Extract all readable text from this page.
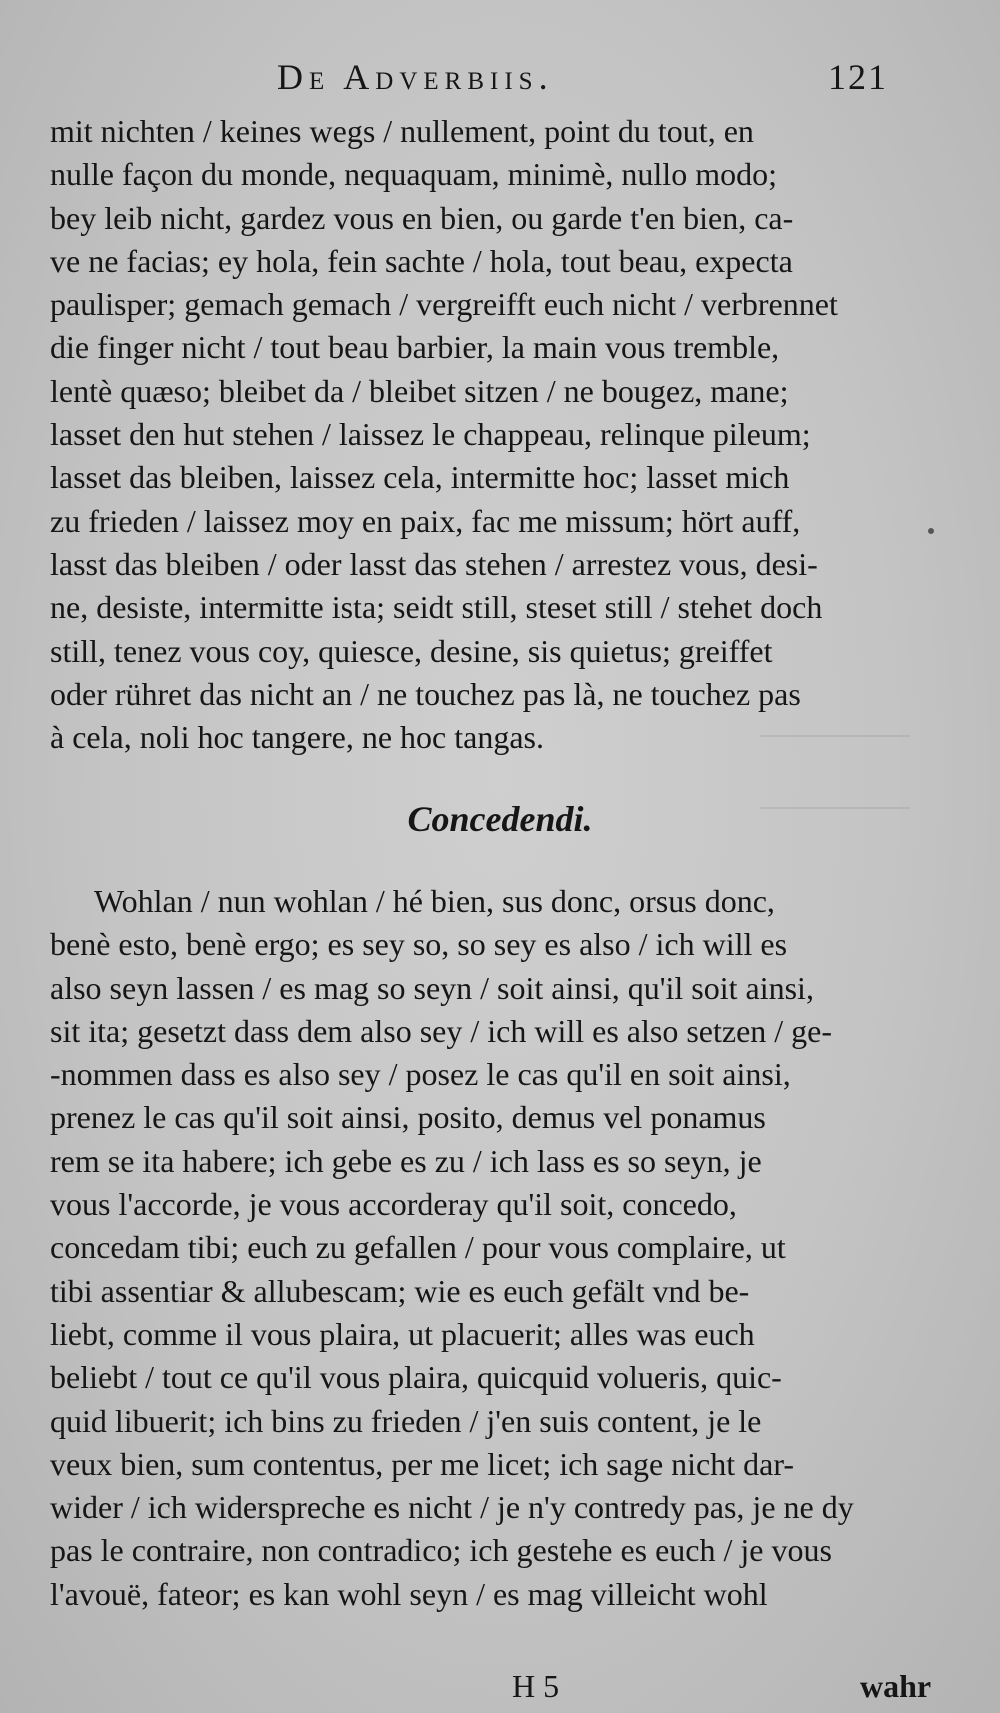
De Adverbiis.	121
mit nichten / keines wegs / nullement, point du tout, en
nulle façon du monde, nequaquam, minimè, nullo modo;
bey leib nicht, gardez vous en bien, ou garde t'en bien, ca-
ve ne facias; ey hola, fein sachte / hola, tout beau, expecta
paulisper; gemach gemach / vergreifft euch nicht / verbrennet
die finger nicht / tout beau barbier, la main vous tremble,
lentè quæso; bleibet da / bleibet sitzen / ne bougez, mane;
lasset den hut stehen / laissez le chappeau, relinque pileum;
lasset das bleiben, laissez cela, intermitte hoc; lasset mich
zu frieden / laissez moy en paix, fac me missum; hört auff,
lasst das bleiben / oder lasst das stehen / arrestez vous, desi-
ne, desiste, intermitte ista; seidt still, steset still / stehet doch
still, tenez vous coy, quiesce, desine, sis quietus; greiffet
oder rühret das nicht an / ne touchez pas là, ne touchez pas
à cela, noli hoc tangere, ne hoc tangas.
Concedendi.
Wohlan / nun wohlan / hé bien, sus donc, orsus donc,
benè esto, benè ergo; es sey so, so sey es also / ich will es
also seyn lassen / es mag so seyn / soit ainsi, qu'il soit ainsi,
sit ita; gesetzt dass dem also sey / ich will es also setzen / ge-
-nommen dass es also sey / posez le cas qu'il en soit ainsi,
prenez le cas qu'il soit ainsi, posito, demus vel ponamus
rem se ita habere; ich gebe es zu / ich lass es so seyn, je
vous l'accorde, je vous accorderay qu'il soit, concedo,
concedam tibi; euch zu gefallen / pour vous complaire, ut
tibi assentiar & allubescam; wie es euch gefält vnd be-
liebt, comme il vous plaira, ut placuerit; alles was euch
beliebt / tout ce qu'il vous plaira, quicquid volueris, quic-
quid libuerit; ich bins zu frieden / j'en suis content, je le
veux bien, sum contentus, per me licet; ich sage nicht dar-
wider / ich widerspreche es nicht / je n'y contredy pas, je ne dy
pas le contraire, non contradico; ich gestehe es euch / je vous
l'avouë, fateor; es kan wohl seyn / es mag villeicht wohl
H 5	wahr
